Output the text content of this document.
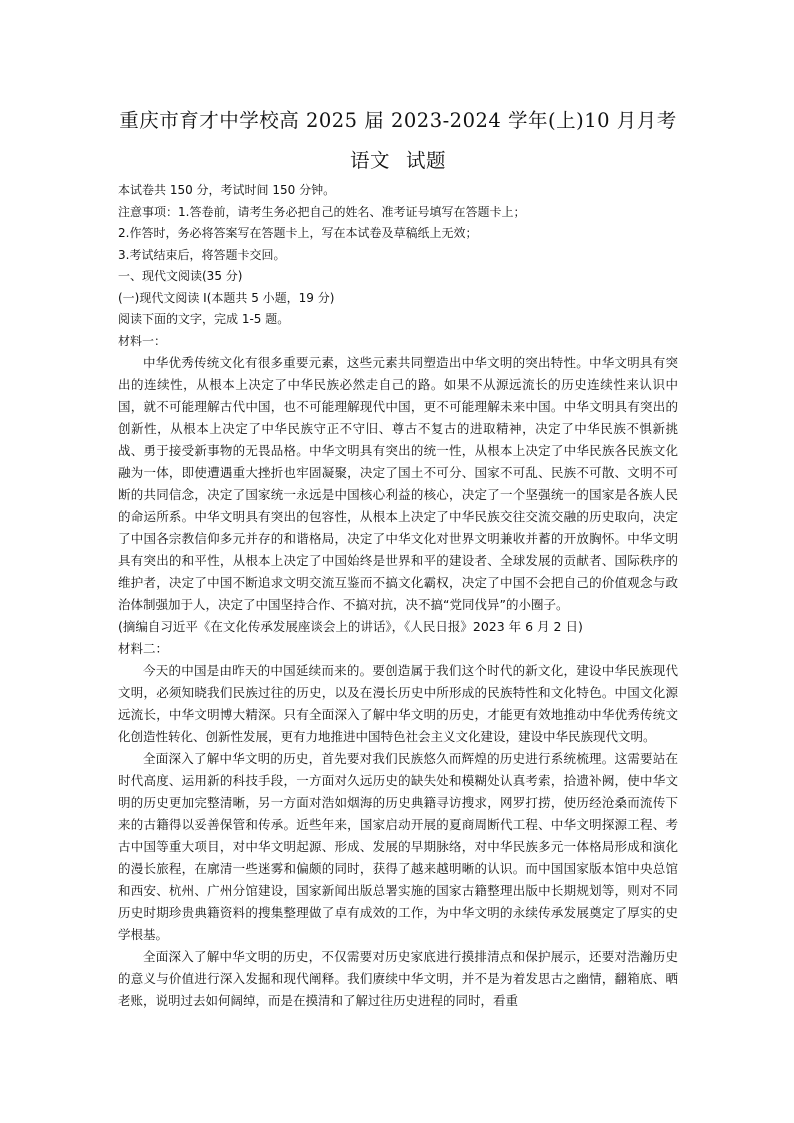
重庆市育才中学校高 2025 届 2023-2024 学年(上)10 月月考
语文 试题

本试卷共 150 分，考试时间 150 分钟。

注意事项：1.答卷前，请考生务必把自己的姓名、准考证号填写在答题卡上；

2.作答时，务必将答案写在答题卡上，写在本试卷及草稿纸上无效；

3.考试结束后，将答题卡交回。

一、现代文阅读(35 分)

(一)现代文阅读 I(本题共 5 小题，19 分)

阅读下面的文字，完成 1-5 题。

材料一：

中华优秀传统文化有很多重要元素，这些元素共同塑造出中华文明的突出特性。中华文明具有突出的连续性，从根本上决定了中华民族必然走自己的路。如果不从源远流长的历史连续性来认识中国，就不可能理解古代中国，也不可能理解现代中国，更不可能理解未来中国。中华文明具有突出的创新性，从根本上决定了中华民族守正不守旧、尊古不复古的进取精神，决定了中华民族不惧新挑战、勇于接受新事物的无畏品格。中华文明具有突出的统一性，从根本上决定了中华民族各民族文化融为一体，即使遭遇重大挫折也牢固凝聚，决定了国土不可分、国家不可乱、民族不可散、文明不可断的共同信念，决定了国家统一永远是中国核心利益的核心，决定了一个坚强统一的国家是各族人民的命运所系。中华文明具有突出的包容性，从根本上决定了中华民族交往交流交融的历史取向，决定了中国各宗教信仰多元并存的和谐格局，决定了中华文化对世界文明兼收并蓄的开放胸怀。中华文明具有突出的和平性，从根本上决定了中国始终是世界和平的建设者、全球发展的贡献者、国际秩序的维护者，决定了中国不断追求文明交流互鉴而不搞文化霸权，决定了中国不会把自己的价值观念与政治体制强加于人，决定了中国坚持合作、不搞对抗，决不搞“党同伐异”的小圈子。

(摘编自习近平《在文化传承发展座谈会上的讲话》，《人民日报》2023 年 6 月 2 日)

材料二：

今天的中国是由昨天的中国延续而来的。要创造属于我们这个时代的新文化，建设中华民族现代文明，必须知晓我们民族过往的历史，以及在漫长历史中所形成的民族特性和文化特色。中国文化源远流长，中华文明博大精深。只有全面深入了解中华文明的历史，才能更有效地推动中华优秀传统文化创造性转化、创新性发展，更有力地推进中国特色社会主义文化建设，建设中华民族现代文明。

全面深入了解中华文明的历史，首先要对我们民族悠久而辉煌的历史进行系统梳理。这需要站在时代高度、运用新的科技手段，一方面对久远历史的缺失处和模糊处认真考索，拾遗补阙，使中华文明的历史更加完整清晰，另一方面对浩如烟海的历史典籍寻访搜求，网罗打捞，使历经沧桑而流传下来的古籍得以妥善保管和传承。近些年来，国家启动开展的夏商周断代工程、中华文明探源工程、考古中国等重大项目，对中华文明起源、形成、发展的早期脉络，对中华民族多元一体格局形成和演化的漫长旅程，在廓清一些迷雾和偏颇的同时，获得了越来越明晰的认识。而中国国家版本馆中央总馆和西安、杭州、广州分馆建设，国家新闻出版总署实施的国家古籍整理出版中长期规划等，则对不同历史时期珍贵典籍资料的搜集整理做了卓有成效的工作，为中华文明的永续传承发展奠定了厚实的史学根基。

全面深入了解中华文明的历史，不仅需要对历史家底进行摸排清点和保护展示，还要对浩瀚历史的意义与价值进行深入发掘和现代阐释。我们赓续中华文明，并不是为着发思古之幽情，翻箱底、晒老账，说明过去如何阔绰，而是在摸清和了解过往历史进程的同时，看重
